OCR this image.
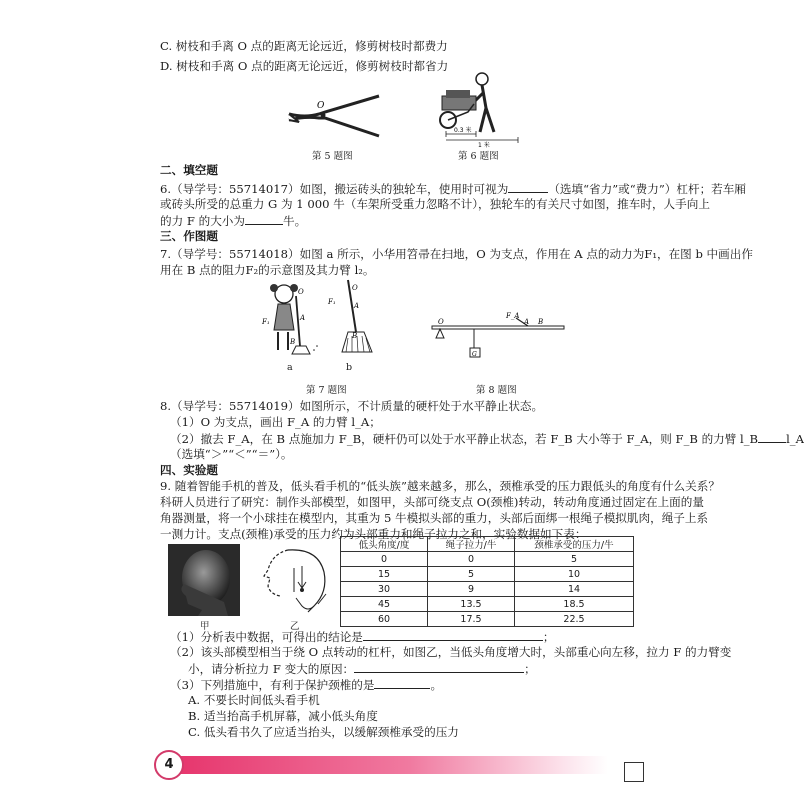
C. 树枝和手离 O 点的距离无论远近，修剪树枝时都费力
D. 树枝和手离 O 点的距离无论远近，修剪树枝时都省力
O
第 5 题图
0.3 米
1 米
第 6 题图
二、填空题
6.（导学号：55714017）如图，搬运砖头的独轮车，使用时可视为	（选填“省力”或“费力”）杠杆；若车厢
或砖头所受的总重力 G 为 1 000 牛（车架所受重力忽略不计），独轮车的有关尺寸如图，推车时，人手向上
的力 F 的大小为	牛。
三、作图题
7.（导学号：55714018）如图 a 所示，小华用笤帚在扫地，O 为支点，作用在 A 点的动力为F₁，在图 b 中画出作
用在 B 点的阻力F₂的示意图及其力臂 l₂。
F₁
O
A
B
a
F₁
O
A
B
b
第 7 题图
O
F_A
A B
G
第 8 题图
8.（导学号：55714019）如图所示，不计质量的硬杆处于水平静止状态。
（1）O 为支点，画出 F_A 的力臂 l_A；
（2）撤去 F_A，在 B 点施加力 F_B，硬杆仍可以处于水平静止状态，若 F_B 大小等于 F_A，则 F_B 的力臂 l_B l_A
（选填“＞”“＜”“＝”）。
四、实验题
9. 随着智能手机的普及，低头看手机的“低头族”越来越多，那么，颈椎承受的压力跟低头的角度有什么关系？
科研人员进行了研究：制作头部模型，如图甲，头部可绕支点 O(颈椎)转动，转动角度通过固定在上面的量
角器测量，将一个小球挂在模型内，其重为 5 牛模拟头部的重力，头部后面绑一根绳子模拟肌肉，绳子上系
一测力计。支点(颈椎)承受的压力约为头部重力和绳子拉力之和，实验数据如下表：
甲	乙
低头角度/度	绳子拉力/牛	颈椎承受的压力/牛
0	0	5
15	5	10
30	9	14
45	13.5	18.5
60	17.5	22.5
（1）分析表中数据，可得出的结论是	；
（2）该头部模型相当于绕 O 点转动的杠杆，如图乙，当低头角度增大时，头部重心向左移，拉力 F 的力臂变
小，请分析拉力 F 变大的原因：	；
（3）下列措施中，有利于保护颈椎的是	。
A. 不要长时间低头看手机
B. 适当抬高手机屏幕，减小低头角度
C. 低头看书久了应适当抬头，以缓解颈椎承受的压力
4
